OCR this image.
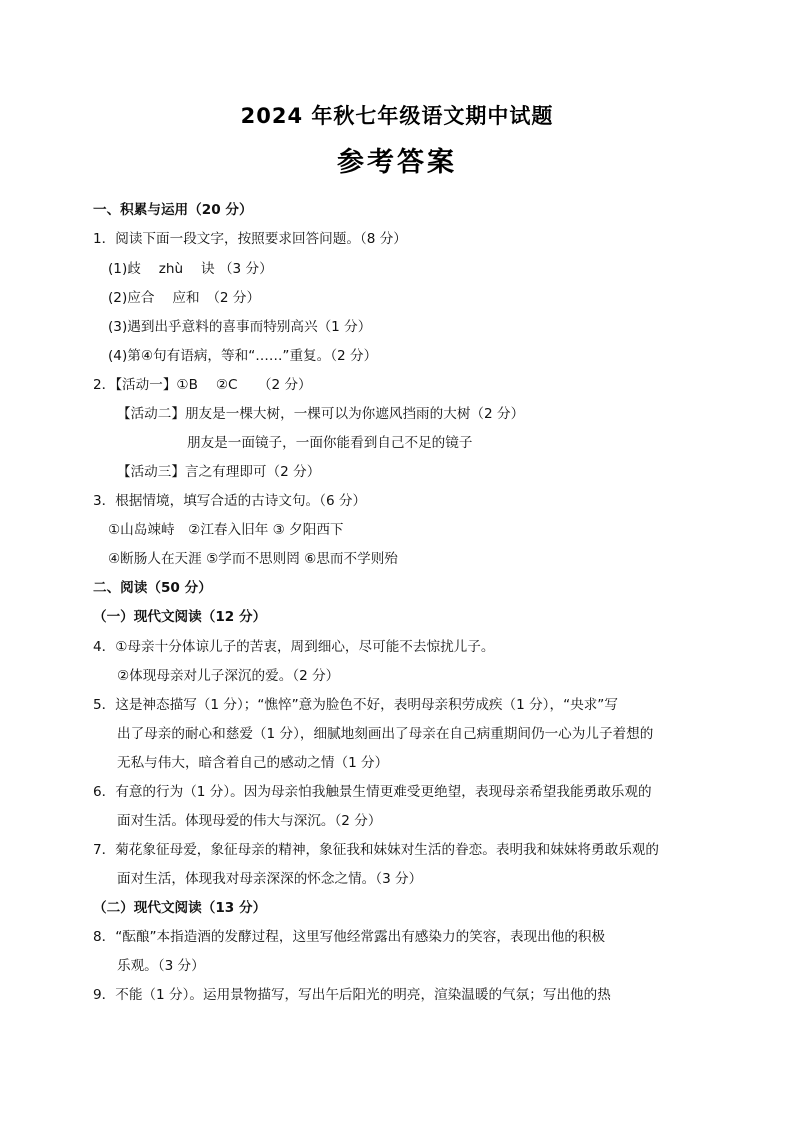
2024 年秋七年级语文期中试题
参考答案
一、积累与运用（20 分）
1．阅读下面一段文字，按照要求回答问题。（8 分）
(1)歧　 zhù　 诀 （3 分）
(2)应合　 应和　（2 分）
(3)遇到出乎意料的喜事而特别高兴（1 分）
(4)第④句有语病，等和“……”重复。（2 分）
2．【活动一】①B　 ②C　　（2 分）
【活动二】朋友是一棵大树，一棵可以为你遮风挡雨的大树（2 分）
朋友是一面镜子，一面你能看到自己不足的镜子
【活动三】言之有理即可（2 分）
3．根据情境，填写合适的古诗文句。（6 分）
①山岛竦峙　②江春入旧年 ③ 夕阳西下
④断肠人在天涯 ⑤学而不思则罔 ⑥思而不学则殆
二、阅读（50 分）
（一）现代文阅读（12 分）
4．①母亲十分体谅儿子的苦衷，周到细心，尽可能不去惊扰儿子。
②体现母亲对儿子深沉的爱。（2 分）
5．这是神态描写（1 分）；“憔悴”意为脸色不好，表明母亲积劳成疾（1 分），“央求”写
出了母亲的耐心和慈爱（1 分），细腻地刻画出了母亲在自己病重期间仍一心为儿子着想的
无私与伟大，暗含着自己的感动之情（1 分）
6．有意的行为（1 分）。因为母亲怕我触景生情更难受更绝望，表现母亲希望我能勇敢乐观的
面对生活。体现母爱的伟大与深沉。（2 分）
7．菊花象征母爱，象征母亲的精神，象征我和妹妹对生活的眷恋。表明我和妹妹将勇敢乐观的
面对生活，体现我对母亲深深的怀念之情。（3 分）
（二）现代文阅读（13 分）
8．“酝酿”本指造酒的发酵过程，这里写他经常露出有感染力的笑容，表现出他的积极
乐观。（3 分）
9．不能（1 分）。运用景物描写，写出午后阳光的明亮，渲染温暖的气氛；写出他的热
